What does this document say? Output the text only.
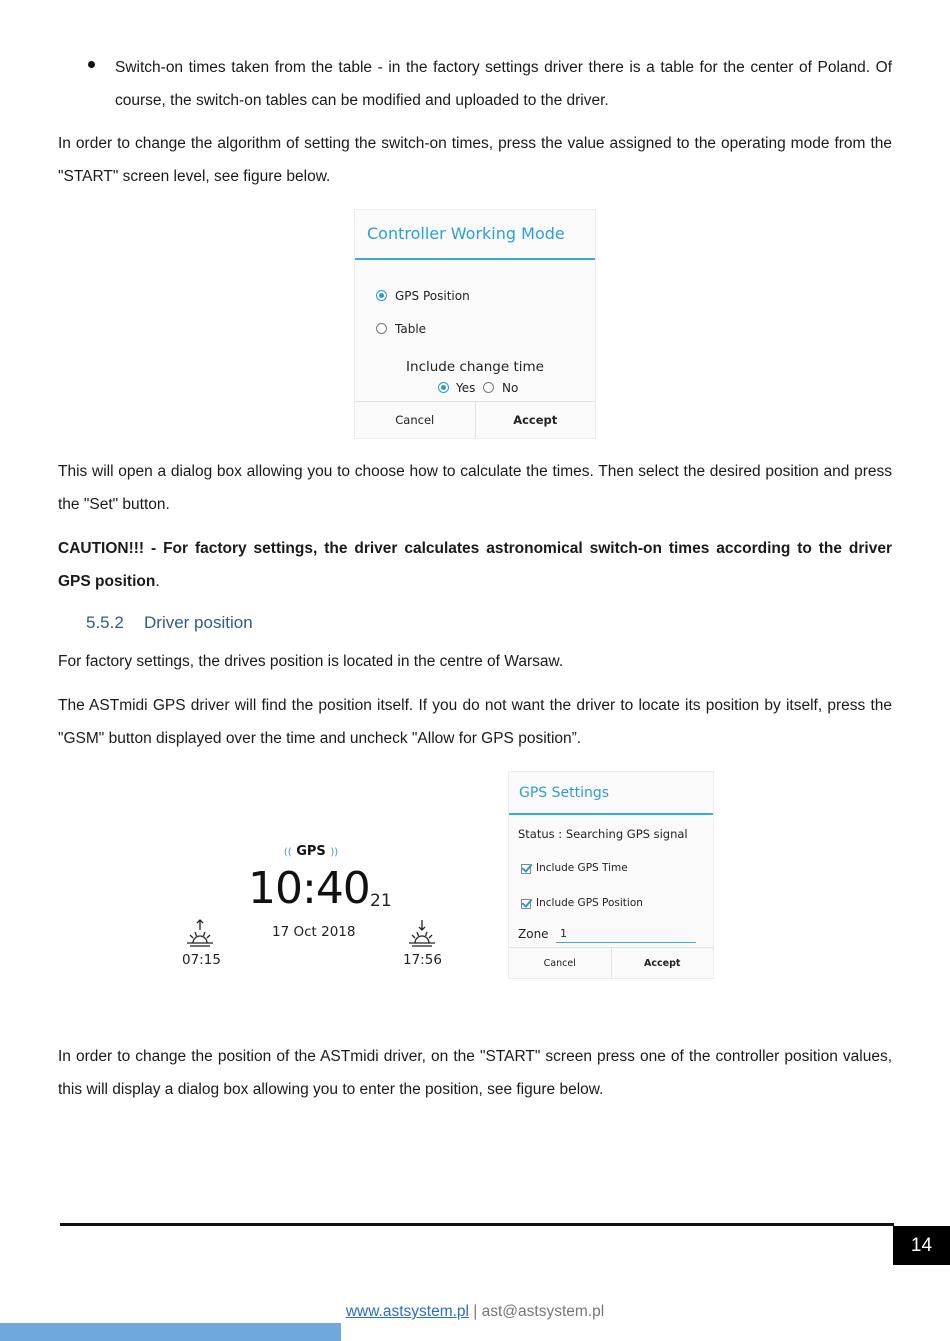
Switch-on times taken from the table - in the factory settings driver there is a table for the center of Poland. Of course, the switch-on tables can be modified and uploaded to the driver.

In order to change the algorithm of setting the switch-on times, press the value assigned to the operating mode from the "START" screen level, see figure below.

Controller Working Mode
GPS Position
Table
Include change time
Yes No
Cancel	Accept

This will open a dialog box allowing you to choose how to calculate the times. Then select the desired position and press the "Set" button.

CAUTION!!! - For factory settings, the driver calculates astronomical switch-on times according to the driver GPS position.

5.5.2 Driver position

For factory settings, the drives position is located in the centre of Warsaw.

The ASTmidi GPS driver will find the position itself. If you do not want the driver to locate its position by itself, press the "GSM" button displayed over the time and uncheck "Allow for GPS position”.

(( GPS ))
10:40 21
17 Oct 2018
07:15	17:56
GPS Settings
Status : Searching GPS signal
Include GPS Time
Include GPS Position
Zone
1
Cancel	Accept

In order to change the position of the ASTmidi driver, on the "START" screen press one of the controller position values, this will display a dialog box allowing you to enter the position, see figure below.

14
www.astsystem.pl | ast@astsystem.pl
